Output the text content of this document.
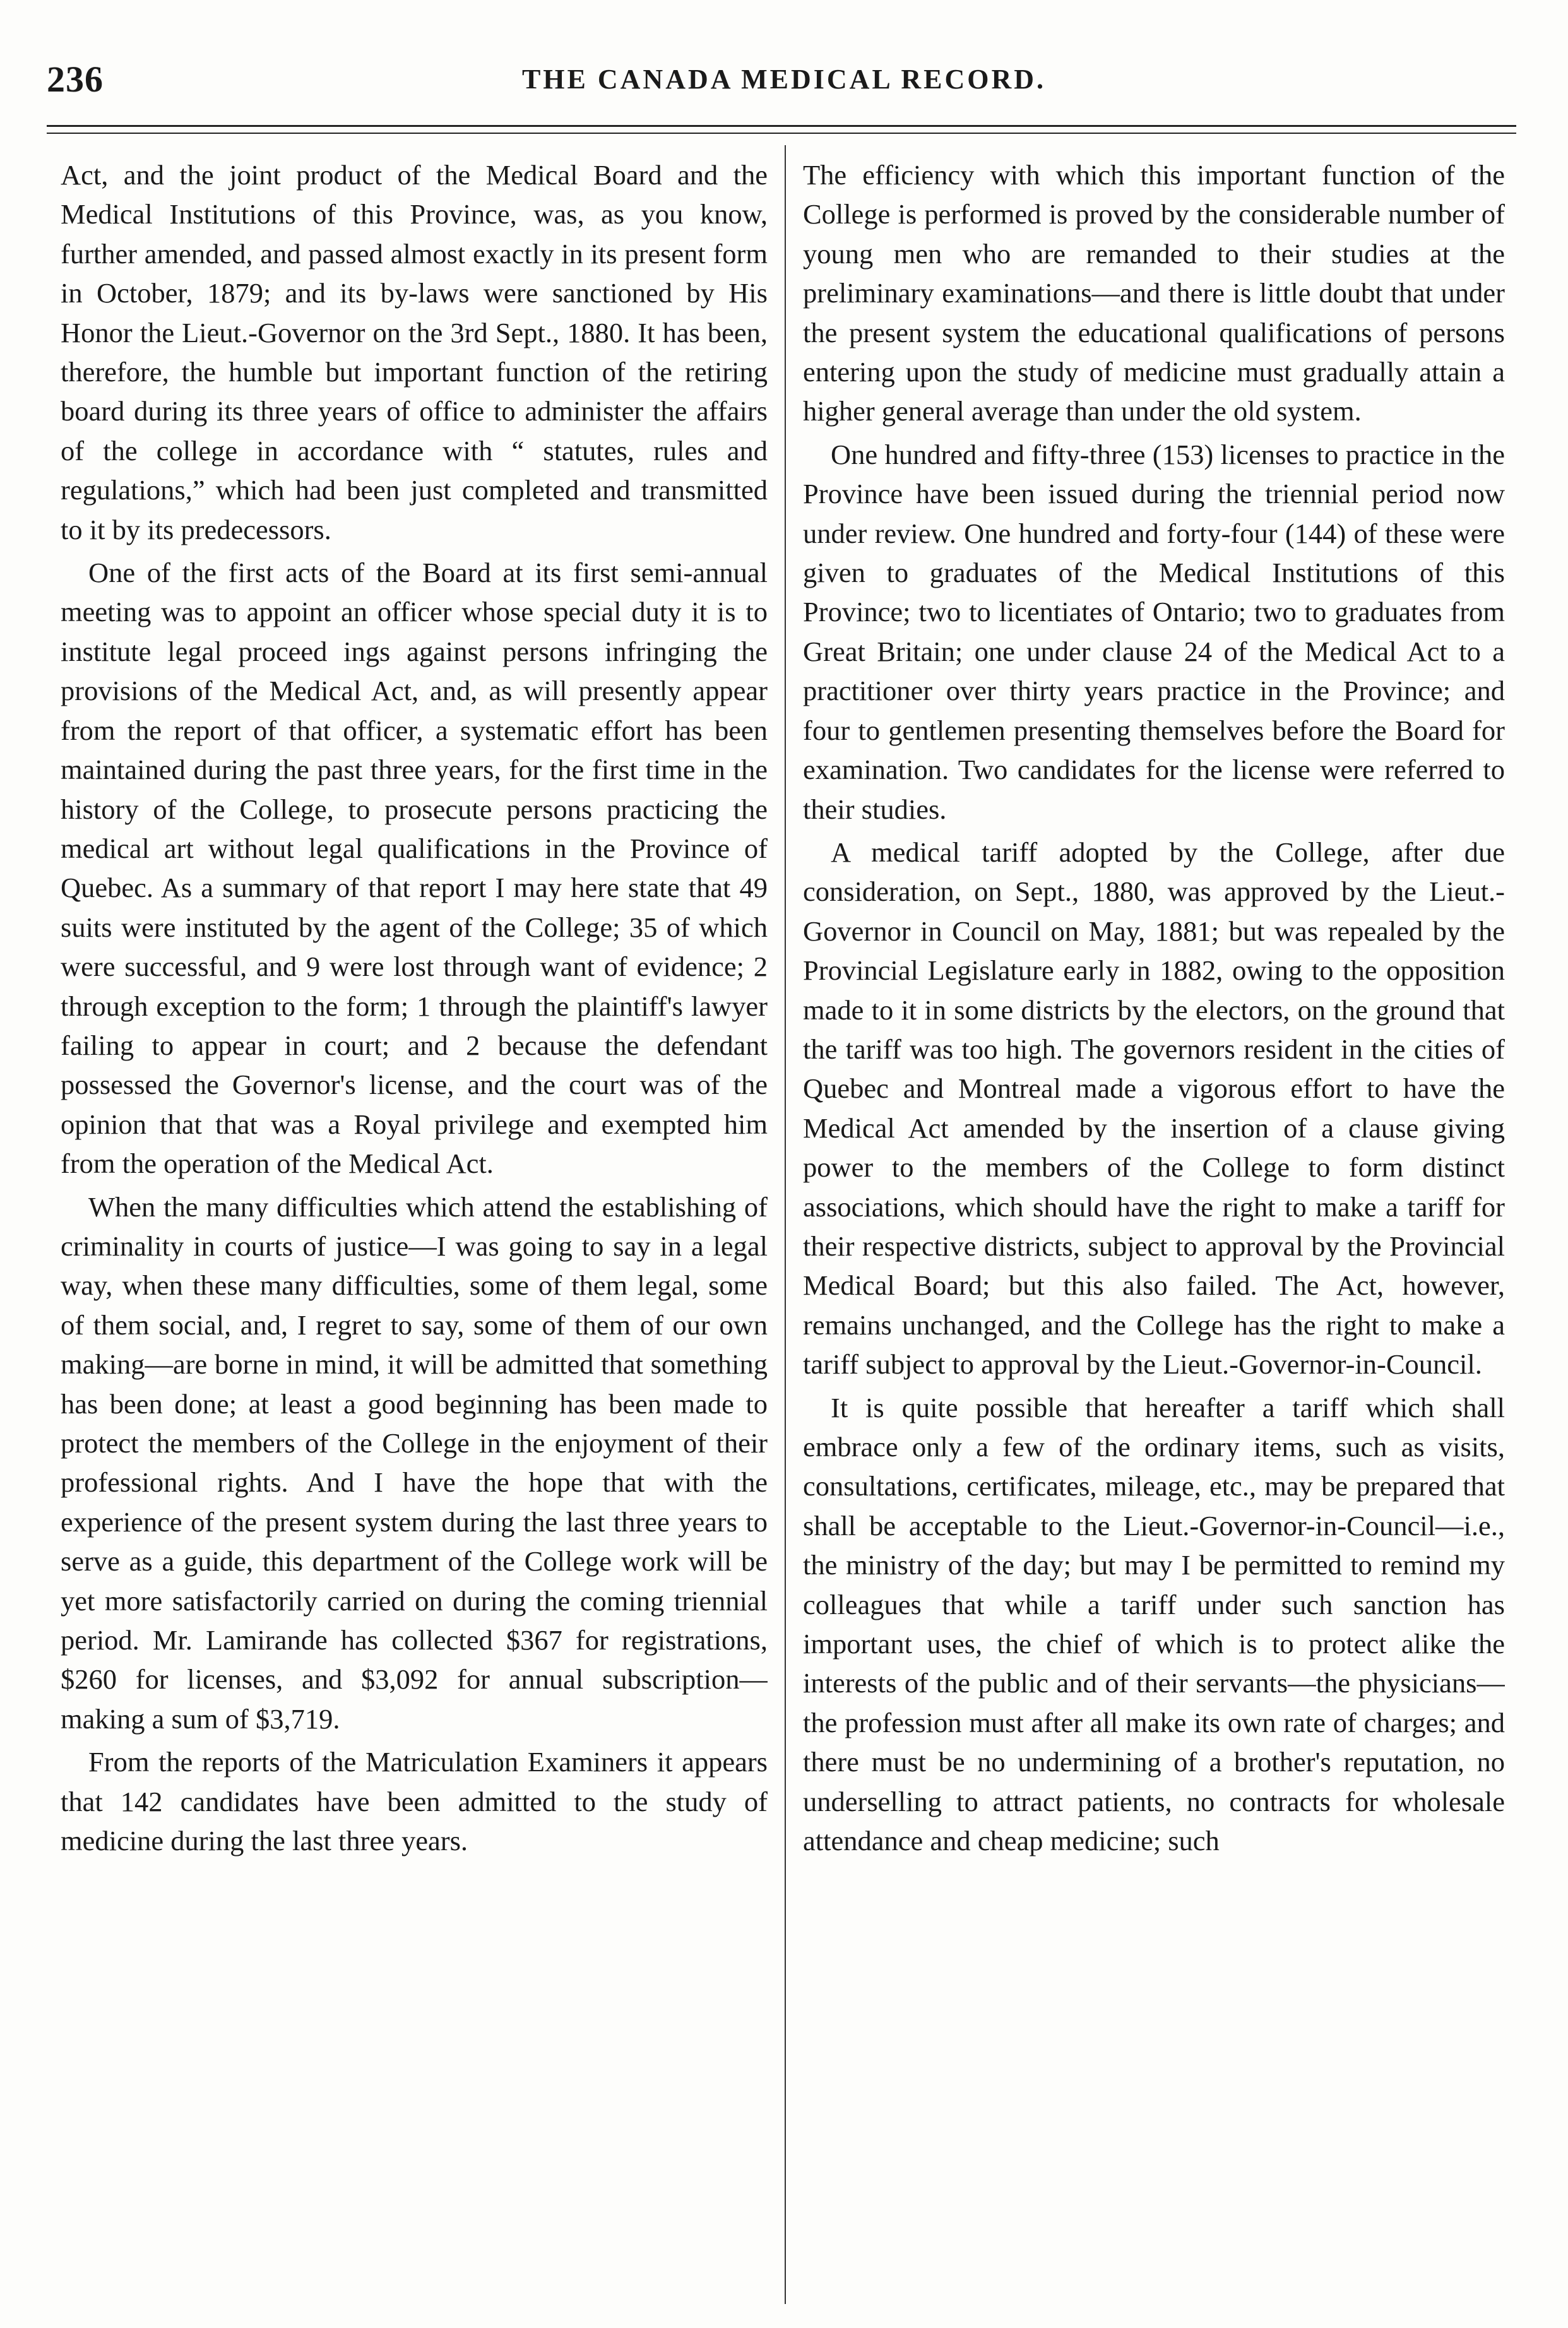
236	THE CANADA MEDICAL RECORD.

Act, and the joint product of the Medical Board and the Medical Institutions of this Province, was, as you know, further amended, and passed almost exactly in its present form in October, 1879; and its by-laws were sanctioned by His Honor the Lieut.-Governor on the 3rd Sept., 1880. It has been, therefore, the humble but important function of the retiring board during its three years of office to administer the affairs of the college in accordance with “ statutes, rules and regulations,” which had been just completed and transmitted to it by its predecessors.

One of the first acts of the Board at its first semi-annual meeting was to appoint an officer whose special duty it is to institute legal proceed ings against persons infringing the provisions of the Medical Act, and, as will presently appear from the report of that officer, a systematic effort has been maintained during the past three years, for the first time in the history of the College, to prosecute persons practicing the medical art without legal qualifications in the Province of Quebec. As a summary of that report I may here state that 49 suits were instituted by the agent of the College; 35 of which were successful, and 9 were lost through want of evidence; 2 through exception to the form; 1 through the plaintiff's lawyer failing to appear in court; and 2 because the defendant possessed the Governor's license, and the court was of the opinion that that was a Royal privilege and exempted him from the operation of the Medical Act.

When the many difficulties which attend the establishing of criminality in courts of justice—I was going to say in a legal way, when these many difficulties, some of them legal, some of them social, and, I regret to say, some of them of our own making—are borne in mind, it will be admitted that something has been done; at least a good beginning has been made to protect the members of the College in the enjoyment of their professional rights. And I have the hope that with the experience of the present system during the last three years to serve as a guide, this department of the College work will be yet more satisfactorily carried on during the coming triennial period. Mr. Lamirande has collected $367 for registrations, $260 for licenses, and $3,092 for annual subscription—making a sum of $3,719.

From the reports of the Matriculation Examiners it appears that 142 candidates have been admitted to the study of medicine during the last three years.

The efficiency with which this important function of the College is performed is proved by the considerable number of young men who are remanded to their studies at the preliminary examinations—and there is little doubt that under the present system the educational qualifications of persons entering upon the study of medicine must gradually attain a higher general average than under the old system.

One hundred and fifty-three (153) licenses to practice in the Province have been issued during the triennial period now under review. One hundred and forty-four (144) of these were given to graduates of the Medical Institutions of this Province; two to licentiates of Ontario; two to graduates from Great Britain; one under clause 24 of the Medical Act to a practitioner over thirty years practice in the Province; and four to gentlemen presenting themselves before the Board for examination. Two candidates for the license were referred to their studies.

A medical tariff adopted by the College, after due consideration, on Sept., 1880, was approved by the Lieut.-Governor in Council on May, 1881; but was repealed by the Provincial Legislature early in 1882, owing to the opposition made to it in some districts by the electors, on the ground that the tariff was too high. The governors resident in the cities of Quebec and Montreal made a vigorous effort to have the Medical Act amended by the insertion of a clause giving power to the members of the College to form distinct associations, which should have the right to make a tariff for their respective districts, subject to approval by the Provincial Medical Board; but this also failed. The Act, however, remains unchanged, and the College has the right to make a tariff subject to approval by the Lieut.-Governor-in-Council.

It is quite possible that hereafter a tariff which shall embrace only a few of the ordinary items, such as visits, consultations, certificates, mileage, etc., may be prepared that shall be acceptable to the Lieut.-Governor-in-Council—i.e., the ministry of the day; but may I be permitted to remind my colleagues that while a tariff under such sanction has important uses, the chief of which is to protect alike the interests of the public and of their servants—the physicians—the profession must after all make its own rate of charges; and there must be no undermining of a brother's reputation, no underselling to attract patients, no contracts for wholesale attendance and cheap medicine; such
